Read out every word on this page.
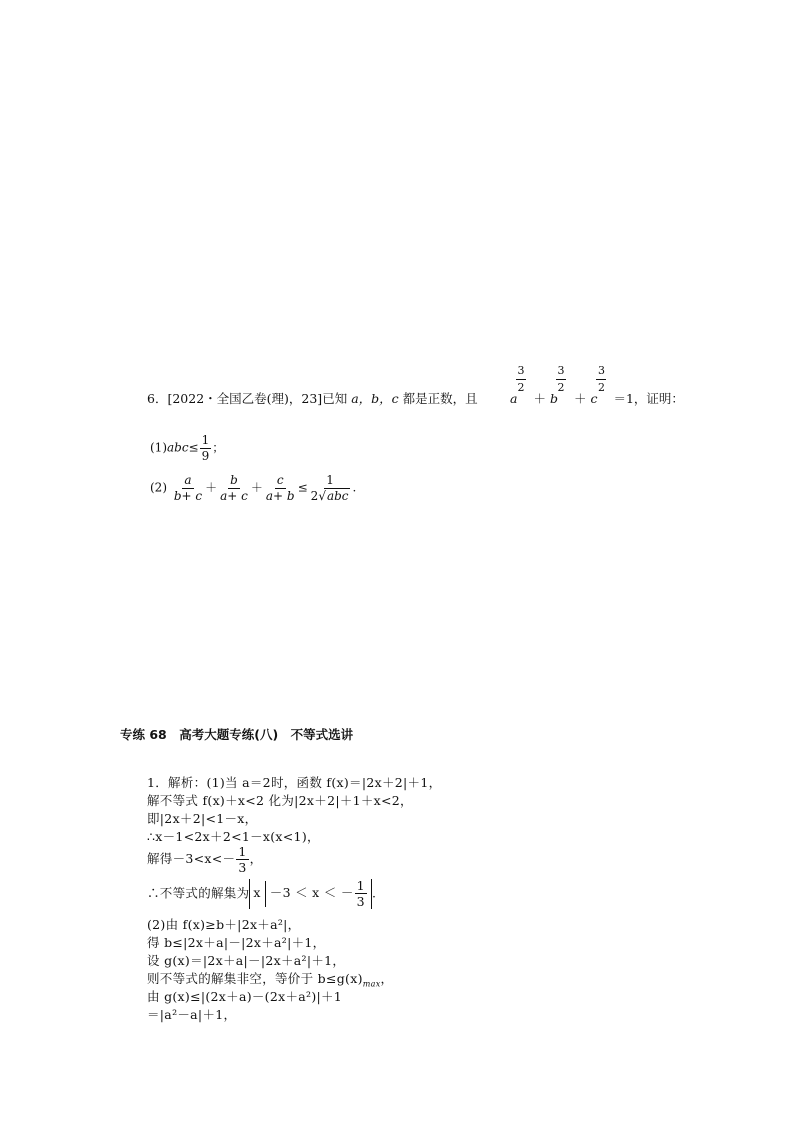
6．[2022・全国乙卷(理)，23]已知 a，b，c 都是正数，且	a
3
2
＋ b
3
2
＋ c
3
2
＝1，证明：
$(1)abc\le \frac{1}{9}$ ；
$(2) \frac{a}{b+ c} + \frac{b}{a+ c} + \frac{c}{a+ b} \le \frac{1}{\text{2√abc}}$ .
专练 68　高考大题专练(八)　不等式选讲
1．解析：(1)当 a＝2时，函数 f(x)＝|2x＋2|＋1，
解不等式 f(x)＋x<2 化为|2x＋2|＋1＋x<2，
即|2x＋2|<1－x，
∴x－1<2x＋2<1－x(x<1)，
解得$-3<x<- \frac{1}{3}$ ，
∴不等式的解集为 x －3 ＜ x ＜ － $\frac{1}{3}$ .
(2)由 f(x)≥b＋|2x＋a²|，
得 b≤|2x＋a|－|2x＋a²|＋1，
设 g(x)＝|2x＋a|－|2x＋a²|＋1，
则不等式的解集非空，等价于 $b\le g(x)_{max}$，
由 g(x)≤|(2x＋a)－(2x＋a²)|＋1
＝|a²－a|＋1，
